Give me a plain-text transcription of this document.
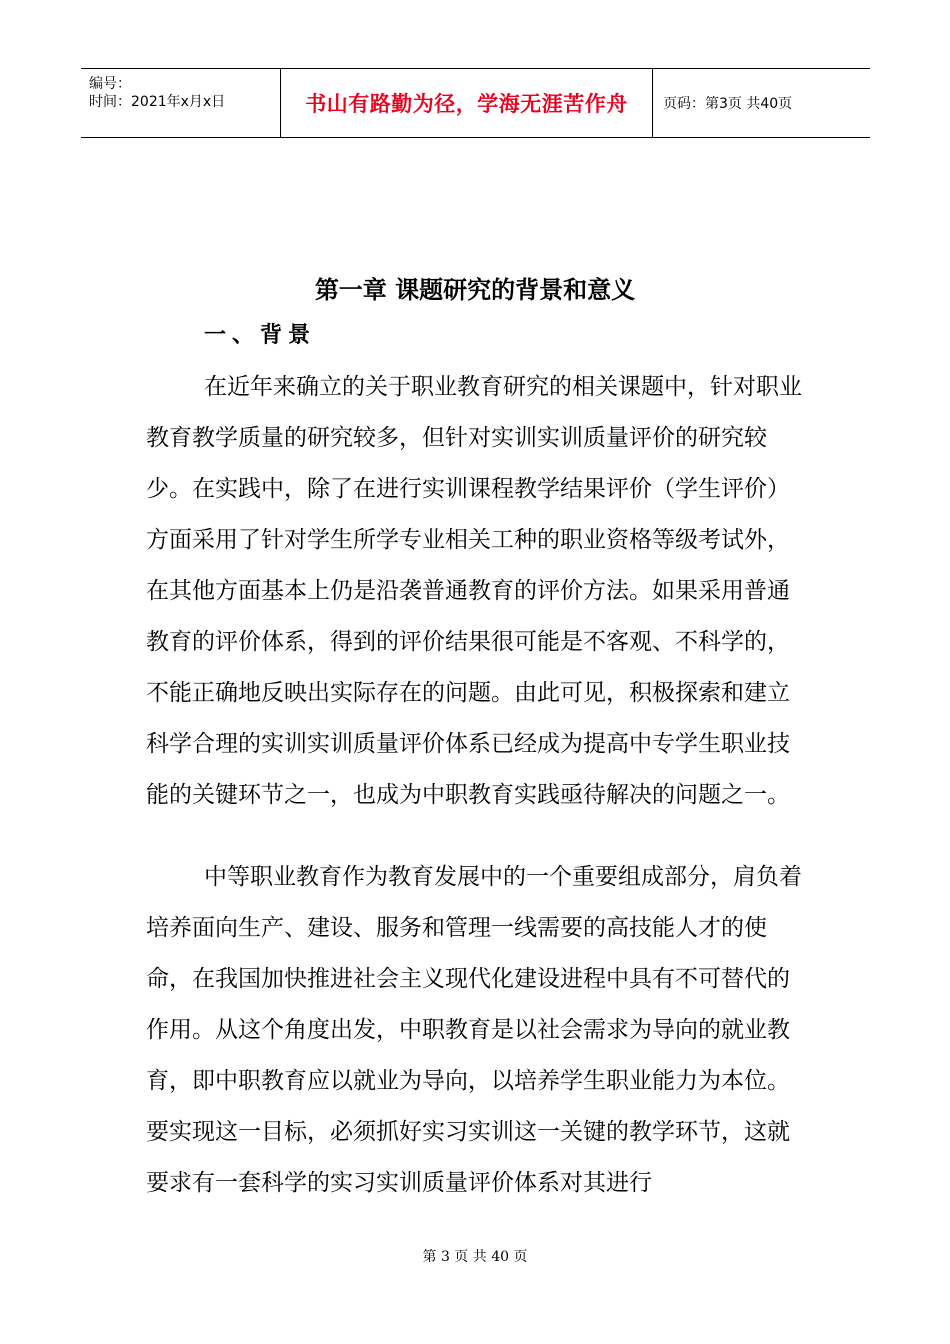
编号：
时间：2021年x月x日	书山有路勤为径，学海无涯苦作舟	页码：第3页 共40页
第一章 课题研究的背景和意义
一、背景

在近年来确立的关于职业教育研究的相关课题中，针对职业教育教学质量的研究较多，但针对实训实训质量评价的研究较少。在实践中，除了在进行实训课程教学结果评价（学生评价）方面采用了针对学生所学专业相关工种的职业资格等级考试外，在其他方面基本上仍是沿袭普通教育的评价方法。如果采用普通教育的评价体系，得到的评价结果很可能是不客观、不科学的，不能正确地反映出实际存在的问题。由此可见，积极探索和建立科学合理的实训实训质量评价体系已经成为提高中专学生职业技能的关键环节之一，也成为中职教育实践亟待解决的问题之一。

中等职业教育作为教育发展中的一个重要组成部分，肩负着培养面向生产、建设、服务和管理一线需要的高技能人才的使命，在我国加快推进社会主义现代化建设进程中具有不可替代的作用。从这个角度出发，中职教育是以社会需求为导向的就业教育，即中职教育应以就业为导向，以培养学生职业能力为本位。要实现这一目标，必须抓好实习实训这一关键的教学环节，这就要求有一套科学的实习实训质量评价体系对其进行

第 3 页 共 40 页
